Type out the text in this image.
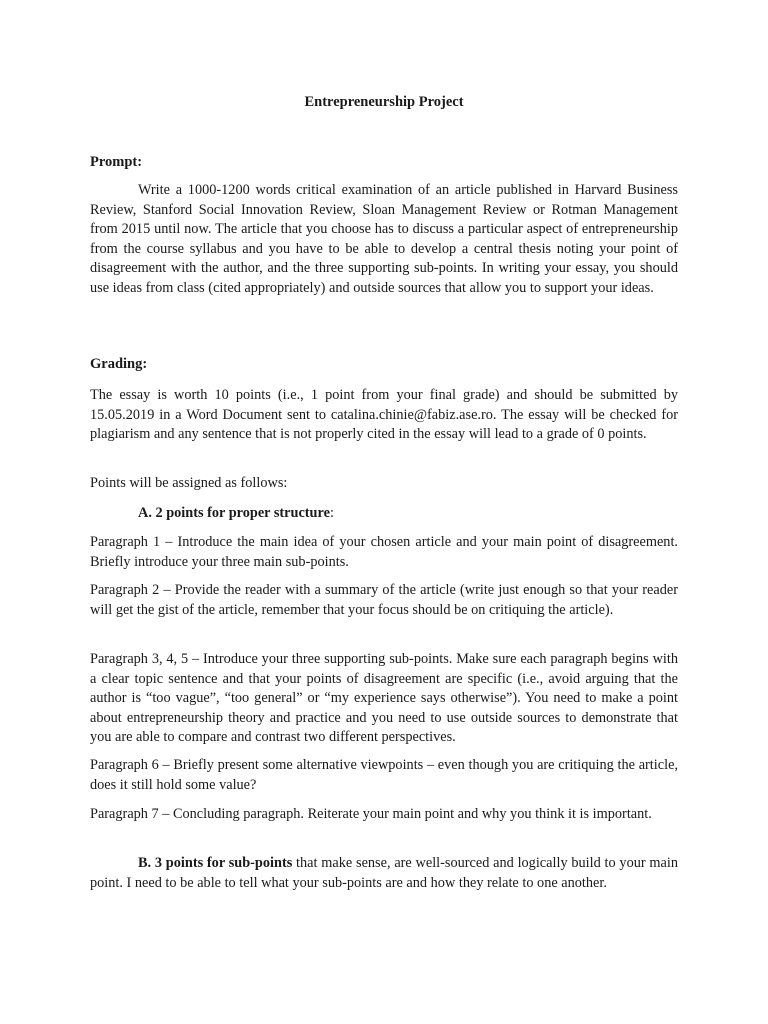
Entrepreneurship Project
Prompt:

Write a 1000-1200 words critical examination of an article published in Harvard Business Review, Stanford Social Innovation Review, Sloan Management Review or Rotman Management from 2015 until now. The article that you choose has to discuss a particular aspect of entrepreneurship from the course syllabus and you have to be able to develop a central thesis noting your point of disagreement with the author, and the three supporting sub-points. In writing your essay, you should use ideas from class (cited appropriately) and outside sources that allow you to support your ideas.

Grading:

The essay is worth 10 points (i.e., 1 point from your final grade) and should be submitted by 15.05.2019 in a Word Document sent to catalina.chinie@fabiz.ase.ro. The essay will be checked for plagiarism and any sentence that is not properly cited in the essay will lead to a grade of 0 points.

Points will be assigned as follows:

A. 2 points for proper structure:

Paragraph 1 – Introduce the main idea of your chosen article and your main point of disagreement. Briefly introduce your three main sub-points.

Paragraph 2 – Provide the reader with a summary of the article (write just enough so that your reader will get the gist of the article, remember that your focus should be on critiquing the article).

Paragraph 3, 4, 5 – Introduce your three supporting sub-points. Make sure each paragraph begins with a clear topic sentence and that your points of disagreement are specific (i.e., avoid arguing that the author is “too vague”, “too general” or “my experience says otherwise”). You need to make a point about entrepreneurship theory and practice and you need to use outside sources to demonstrate that you are able to compare and contrast two different perspectives.

Paragraph 6 – Briefly present some alternative viewpoints – even though you are critiquing the article, does it still hold some value?

Paragraph 7 – Concluding paragraph. Reiterate your main point and why you think it is important.

B. 3 points for sub-points that make sense, are well-sourced and logically build to your main point. I need to be able to tell what your sub-points are and how they relate to one another.
